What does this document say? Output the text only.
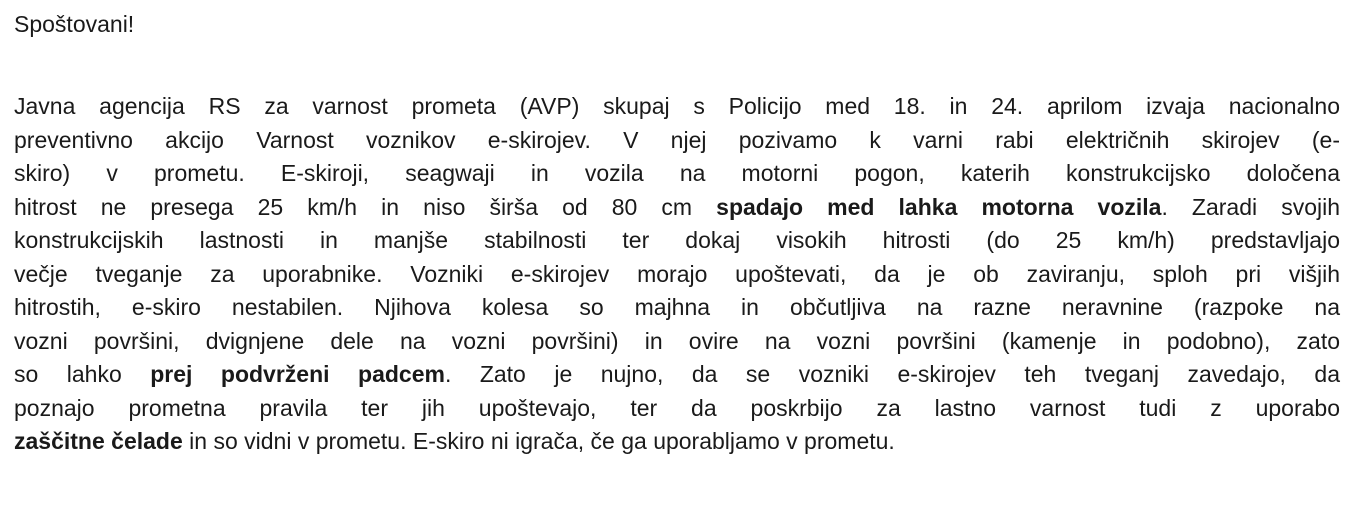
Spoštovani!
Javna agencija RS za varnost prometa (AVP) skupaj s Policijo med 18. in 24. aprilom izvaja nacionalno
preventivno akcijo Varnost voznikov e-skirojev. V njej pozivamo k varni rabi električnih skirojev (e-
skiro) v prometu. E-skiroji, seagwaji in vozila na motorni pogon, katerih konstrukcijsko določena
hitrost ne presega 25 km/h in niso širša od 80 cm spadajo med lahka motorna vozila. Zaradi svojih
konstrukcijskih lastnosti in manjše stabilnosti ter dokaj visokih hitrosti (do 25 km/h) predstavljajo
večje tveganje za uporabnike. Vozniki e-skirojev morajo upoštevati, da je ob zaviranju, sploh pri višjih
hitrostih, e-skiro nestabilen. Njihova kolesa so majhna in občutljiva na razne neravnine (razpoke na
vozni površini, dvignjene dele na vozni površini) in ovire na vozni površini (kamenje in podobno), zato
so lahko prej podvrženi padcem. Zato je nujno, da se vozniki e-skirojev teh tveganj zavedajo, da
poznajo prometna pravila ter jih upoštevajo, ter da poskrbijo za lastno varnost tudi z uporabo
zaščitne čelade in so vidni v prometu. E-skiro ni igrača, če ga uporabljamo v prometu.
